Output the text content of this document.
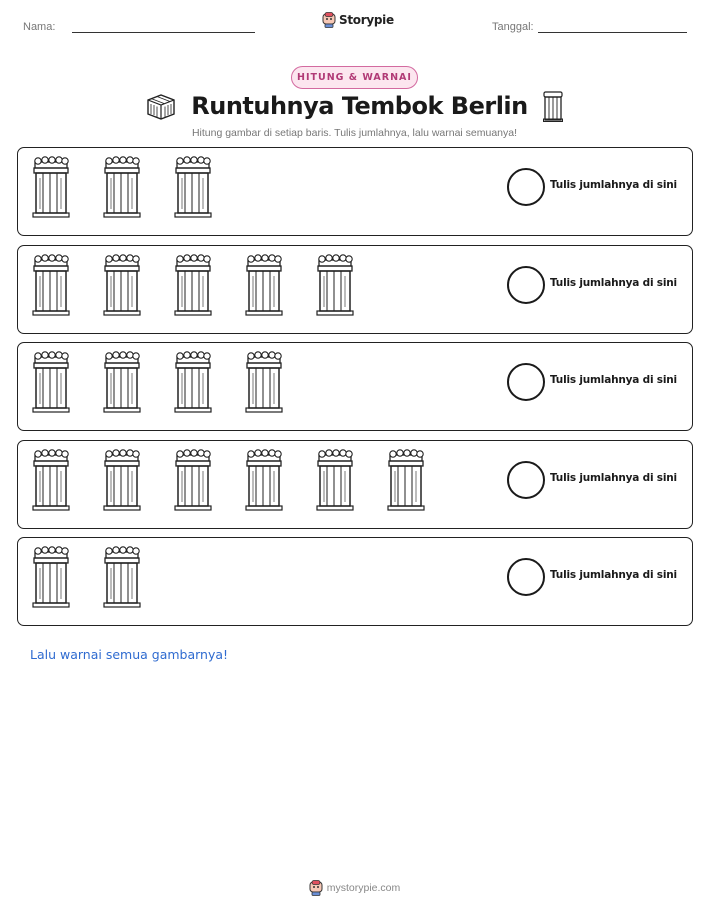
Nama:	Storypie	Tanggal:
HITUNG & WARNAI
Runtuhnya Tembok Berlin
Hitung gambar di setiap baris. Tulis jumlahnya, lalu warnai semuanya!
Tulis jumlahnya di sini
Tulis jumlahnya di sini
Tulis jumlahnya di sini
Tulis jumlahnya di sini
Tulis jumlahnya di sini
Lalu warnai semua gambarnya!
mystorypie.com
